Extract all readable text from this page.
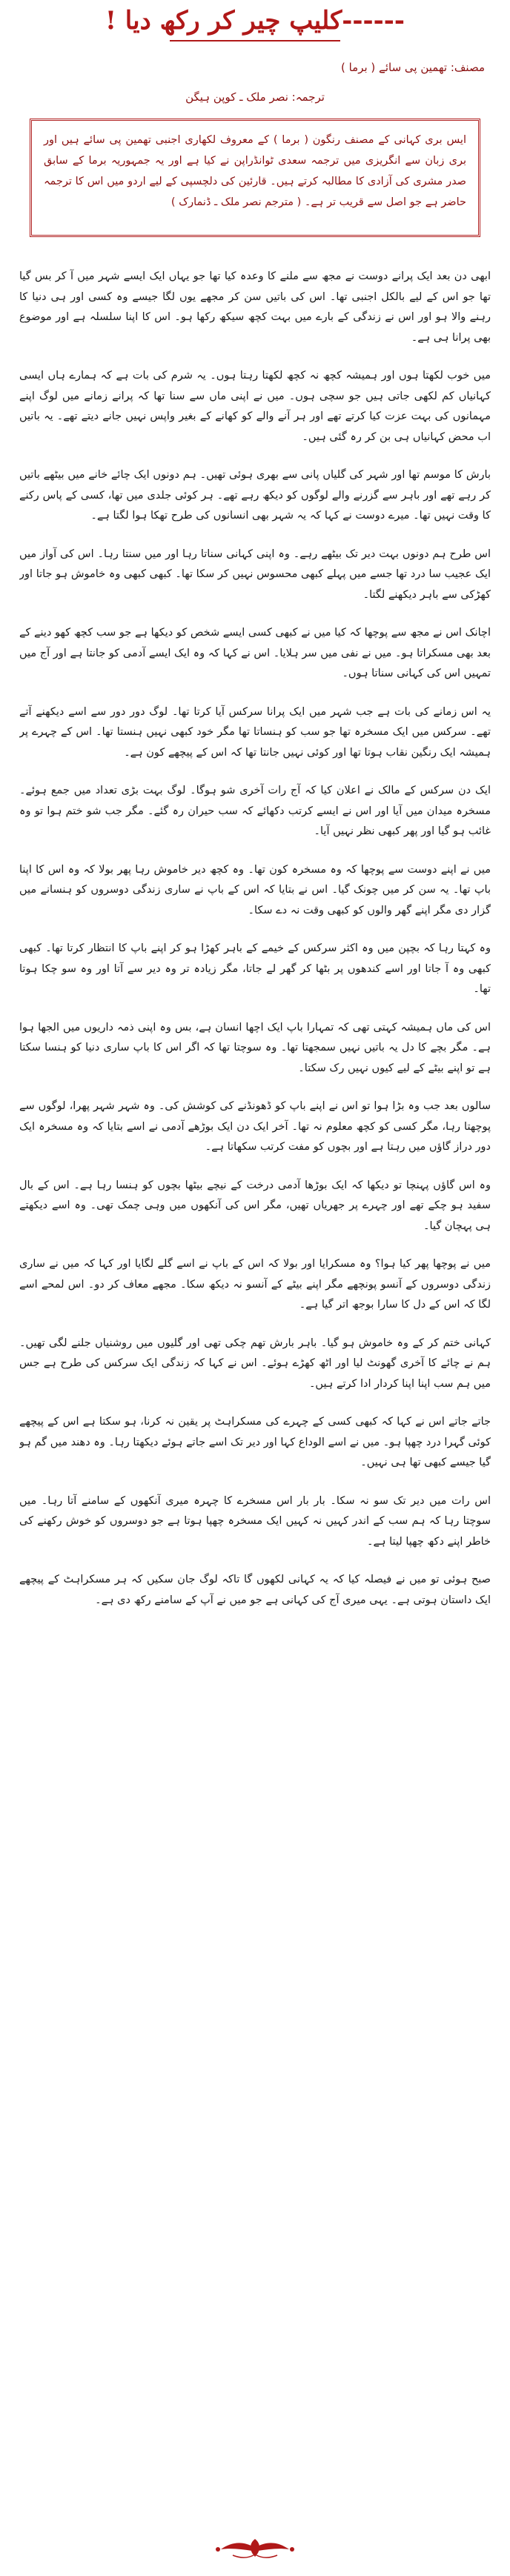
------کلیپ چیر کر رکھ دیا !
مصنف: تھمین پی سائے ( برما )
ترجمہ: نصر ملک ـ کوپن ہیگن
ایس بری کہانی کے مصنف رنگون ( برما ) کے معروف لکھاری اجنبی تھمین پی سائے ہیں اور بری زبان سے انگریزی میں ترجمہ سعدی ٹوانڈراپن نے کیا ہے اور یہ جمہوریہ برما کے سابق صدر مشری کی آزادی کا مطالبہ کرتے ہیں۔ قارئین کی دلچسپی کے لیے اردو میں اس کا ترجمہ حاضر ہے جو اصل سے قریب تر ہے۔ ( مترجم نصر ملک ـ ڈنمارک )

ابھی دن بعد ایک پرانے دوست نے مجھ سے ملنے کا وعدہ کیا تھا جو یہاں ایک ایسے شہر میں آ کر بس گیا تھا جو اس کے لیے بالکل اجنبی تھا۔ اس کی باتیں سن کر مجھے یوں لگا جیسے وہ کسی اور ہی دنیا کا رہنے والا ہو اور اس نے زندگی کے بارے میں بہت کچھ سیکھ رکھا ہو۔ اس کا اپنا سلسلہ ہے اور موضوع بھی پرانا ہی ہے۔

میں خوب لکھتا ہوں اور ہمیشہ کچھ نہ کچھ لکھتا رہتا ہوں۔ یہ شرم کی بات ہے کہ ہمارے ہاں ایسی کہانیاں کم لکھی جاتی ہیں جو سچی ہوں۔ میں نے اپنی ماں سے سنا تھا کہ پرانے زمانے میں لوگ اپنے مہمانوں کی بہت عزت کیا کرتے تھے اور ہر آنے والے کو کھانے کے بغیر واپس نہیں جانے دیتے تھے۔ یہ باتیں اب محض کہانیاں ہی بن کر رہ گئی ہیں۔

بارش کا موسم تھا اور شہر کی گلیاں پانی سے بھری ہوئی تھیں۔ ہم دونوں ایک چائے خانے میں بیٹھے باتیں کر رہے تھے اور باہر سے گزرنے والے لوگوں کو دیکھ رہے تھے۔ ہر کوئی جلدی میں تھا، کسی کے پاس رکنے کا وقت نہیں تھا۔ میرے دوست نے کہا کہ یہ شہر بھی انسانوں کی طرح تھکا ہوا لگتا ہے۔

اس طرح ہم دونوں بہت دیر تک بیٹھے رہے۔ وہ اپنی کہانی سناتا رہا اور میں سنتا رہا۔ اس کی آواز میں ایک عجیب سا درد تھا جسے میں پہلے کبھی محسوس نہیں کر سکا تھا۔ کبھی کبھی وہ خاموش ہو جاتا اور کھڑکی سے باہر دیکھنے لگتا۔

اچانک اس نے مجھ سے پوچھا کہ کیا میں نے کبھی کسی ایسے شخص کو دیکھا ہے جو سب کچھ کھو دینے کے بعد بھی مسکراتا ہو۔ میں نے نفی میں سر ہلایا۔ اس نے کہا کہ وہ ایک ایسے آدمی کو جانتا ہے اور آج میں تمہیں اس کی کہانی سناتا ہوں۔

یہ اس زمانے کی بات ہے جب شہر میں ایک پرانا سرکس آیا کرتا تھا۔ لوگ دور دور سے اسے دیکھنے آتے تھے۔ سرکس میں ایک مسخرہ تھا جو سب کو ہنساتا تھا مگر خود کبھی نہیں ہنستا تھا۔ اس کے چہرے پر ہمیشہ ایک رنگین نقاب ہوتا تھا اور کوئی نہیں جانتا تھا کہ اس کے پیچھے کون ہے۔

ایک دن سرکس کے مالک نے اعلان کیا کہ آج رات آخری شو ہوگا۔ لوگ بہت بڑی تعداد میں جمع ہوئے۔ مسخرہ میدان میں آیا اور اس نے ایسے کرتب دکھائے کہ سب حیران رہ گئے۔ مگر جب شو ختم ہوا تو وہ غائب ہو گیا اور پھر کبھی نظر نہیں آیا۔

میں نے اپنے دوست سے پوچھا کہ وہ مسخرہ کون تھا۔ وہ کچھ دیر خاموش رہا پھر بولا کہ وہ اس کا اپنا باپ تھا۔ یہ سن کر میں چونک گیا۔ اس نے بتایا کہ اس کے باپ نے ساری زندگی دوسروں کو ہنسانے میں گزار دی مگر اپنے گھر والوں کو کبھی وقت نہ دے سکا۔

وہ کہتا رہا کہ بچپن میں وہ اکثر سرکس کے خیمے کے باہر کھڑا ہو کر اپنے باپ کا انتظار کرتا تھا۔ کبھی کبھی وہ آ جاتا اور اسے کندھوں پر بٹھا کر گھر لے جاتا، مگر زیادہ تر وہ دیر سے آتا اور وہ سو چکا ہوتا تھا۔

اس کی ماں ہمیشہ کہتی تھی کہ تمہارا باپ ایک اچھا انسان ہے، بس وہ اپنی ذمہ داریوں میں الجھا ہوا ہے۔ مگر بچے کا دل یہ باتیں نہیں سمجھتا تھا۔ وہ سوچتا تھا کہ اگر اس کا باپ ساری دنیا کو ہنسا سکتا ہے تو اپنے بیٹے کے لیے کیوں نہیں رک سکتا۔

سالوں بعد جب وہ بڑا ہوا تو اس نے اپنے باپ کو ڈھونڈنے کی کوشش کی۔ وہ شہر شہر پھرا، لوگوں سے پوچھتا رہا، مگر کسی کو کچھ معلوم نہ تھا۔ آخر ایک دن ایک بوڑھے آدمی نے اسے بتایا کہ وہ مسخرہ ایک دور دراز گاؤں میں رہتا ہے اور بچوں کو مفت کرتب سکھاتا ہے۔

وہ اس گاؤں پہنچا تو دیکھا کہ ایک بوڑھا آدمی درخت کے نیچے بیٹھا بچوں کو ہنسا رہا ہے۔ اس کے بال سفید ہو چکے تھے اور چہرے پر جھریاں تھیں، مگر اس کی آنکھوں میں وہی چمک تھی۔ وہ اسے دیکھتے ہی پہچان گیا۔

میں نے پوچھا پھر کیا ہوا؟ وہ مسکرایا اور بولا کہ اس کے باپ نے اسے گلے لگایا اور کہا کہ میں نے ساری زندگی دوسروں کے آنسو پونچھے مگر اپنے بیٹے کے آنسو نہ دیکھ سکا۔ مجھے معاف کر دو۔ اس لمحے اسے لگا کہ اس کے دل کا سارا بوجھ اتر گیا ہے۔

کہانی ختم کر کے وہ خاموش ہو گیا۔ باہر بارش تھم چکی تھی اور گلیوں میں روشنیاں جلنے لگی تھیں۔ ہم نے چائے کا آخری گھونٹ لیا اور اٹھ کھڑے ہوئے۔ اس نے کہا کہ زندگی ایک سرکس کی طرح ہے جس میں ہم سب اپنا اپنا کردار ادا کرتے ہیں۔

جاتے جاتے اس نے کہا کہ کبھی کسی کے چہرے کی مسکراہٹ پر یقین نہ کرنا، ہو سکتا ہے اس کے پیچھے کوئی گہرا درد چھپا ہو۔ میں نے اسے الوداع کہا اور دیر تک اسے جاتے ہوئے دیکھتا رہا۔ وہ دھند میں گم ہو گیا جیسے کبھی تھا ہی نہیں۔

اس رات میں دیر تک سو نہ سکا۔ بار بار اس مسخرے کا چہرہ میری آنکھوں کے سامنے آتا رہا۔ میں سوچتا رہا کہ ہم سب کے اندر کہیں نہ کہیں ایک مسخرہ چھپا ہوتا ہے جو دوسروں کو خوش رکھنے کی خاطر اپنے دکھ چھپا لیتا ہے۔

صبح ہوئی تو میں نے فیصلہ کیا کہ یہ کہانی لکھوں گا تاکہ لوگ جان سکیں کہ ہر مسکراہٹ کے پیچھے ایک داستان ہوتی ہے۔ یہی میری آج کی کہانی ہے جو میں نے آپ کے سامنے رکھ دی ہے۔
